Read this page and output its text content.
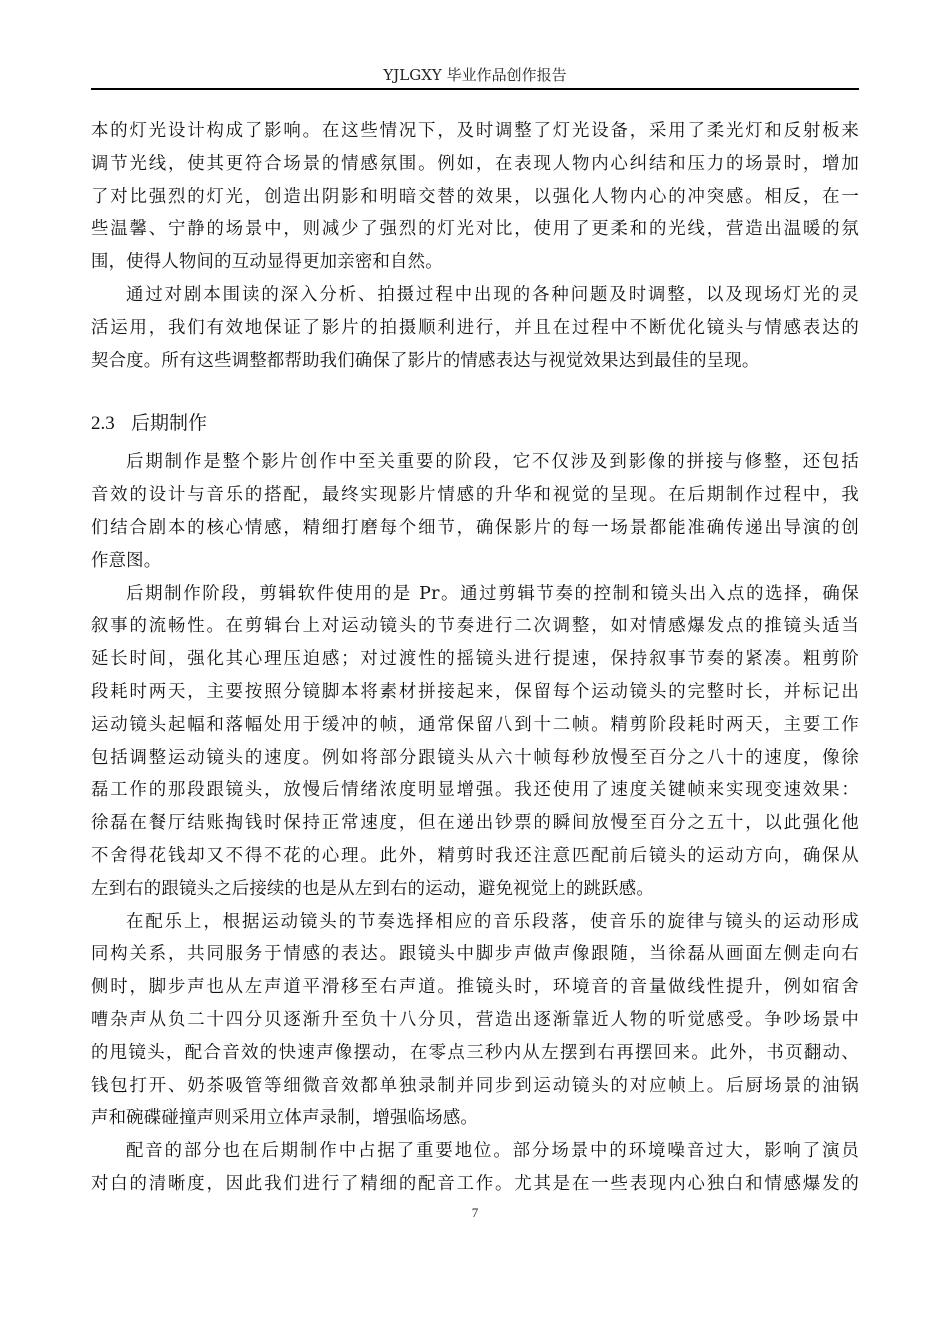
YJLGXY 毕业作品创作报告
本的灯光设计构成了影响。在这些情况下，及时调整了灯光设备，采用了柔光灯和反射板来
调节光线，使其更符合场景的情感氛围。例如，在表现人物内心纠结和压力的场景时，增加
了对比强烈的灯光，创造出阴影和明暗交替的效果，以强化人物内心的冲突感。相反，在一
些温馨、宁静的场景中，则减少了强烈的灯光对比，使用了更柔和的光线，营造出温暖的氛
围，使得人物间的互动显得更加亲密和自然。
通过对剧本围读的深入分析、拍摄过程中出现的各种问题及时调整，以及现场灯光的灵
活运用，我们有效地保证了影片的拍摄顺利进行，并且在过程中不断优化镜头与情感表达的
契合度。所有这些调整都帮助我们确保了影片的情感表达与视觉效果达到最佳的呈现。
2.3 后期制作
后期制作是整个影片创作中至关重要的阶段，它不仅涉及到影像的拼接与修整，还包括
音效的设计与音乐的搭配，最终实现影片情感的升华和视觉的呈现。在后期制作过程中，我
们结合剧本的核心情感，精细打磨每个细节，确保影片的每一场景都能准确传递出导演的创
作意图。
后期制作阶段，剪辑软件使用的是 Pr。通过剪辑节奏的控制和镜头出入点的选择，确保
叙事的流畅性。在剪辑台上对运动镜头的节奏进行二次调整，如对情感爆发点的推镜头适当
延长时间，强化其心理压迫感；对过渡性的摇镜头进行提速，保持叙事节奏的紧凑。粗剪阶
段耗时两天，主要按照分镜脚本将素材拼接起来，保留每个运动镜头的完整时长，并标记出
运动镜头起幅和落幅处用于缓冲的帧，通常保留八到十二帧。精剪阶段耗时两天，主要工作
包括调整运动镜头的速度。例如将部分跟镜头从六十帧每秒放慢至百分之八十的速度，像徐
磊工作的那段跟镜头，放慢后情绪浓度明显增强。我还使用了速度关键帧来实现变速效果：
徐磊在餐厅结账掏钱时保持正常速度，但在递出钞票的瞬间放慢至百分之五十，以此强化他
不舍得花钱却又不得不花的心理。此外，精剪时我还注意匹配前后镜头的运动方向，确保从
左到右的跟镜头之后接续的也是从左到右的运动，避免视觉上的跳跃感。
在配乐上，根据运动镜头的节奏选择相应的音乐段落，使音乐的旋律与镜头的运动形成
同构关系，共同服务于情感的表达。跟镜头中脚步声做声像跟随，当徐磊从画面左侧走向右
侧时，脚步声也从左声道平滑移至右声道。推镜头时，环境音的音量做线性提升，例如宿舍
嘈杂声从负二十四分贝逐渐升至负十八分贝，营造出逐渐靠近人物的听觉感受。争吵场景中
的甩镜头，配合音效的快速声像摆动，在零点三秒内从左摆到右再摆回来。此外，书页翻动、
钱包打开、奶茶吸管等细微音效都单独录制并同步到运动镜头的对应帧上。后厨场景的油锅
声和碗碟碰撞声则采用立体声录制，增强临场感。
配音的部分也在后期制作中占据了重要地位。部分场景中的环境噪音过大，影响了演员
对白的清晰度，因此我们进行了精细的配音工作。尤其是在一些表现内心独白和情感爆发的
7
